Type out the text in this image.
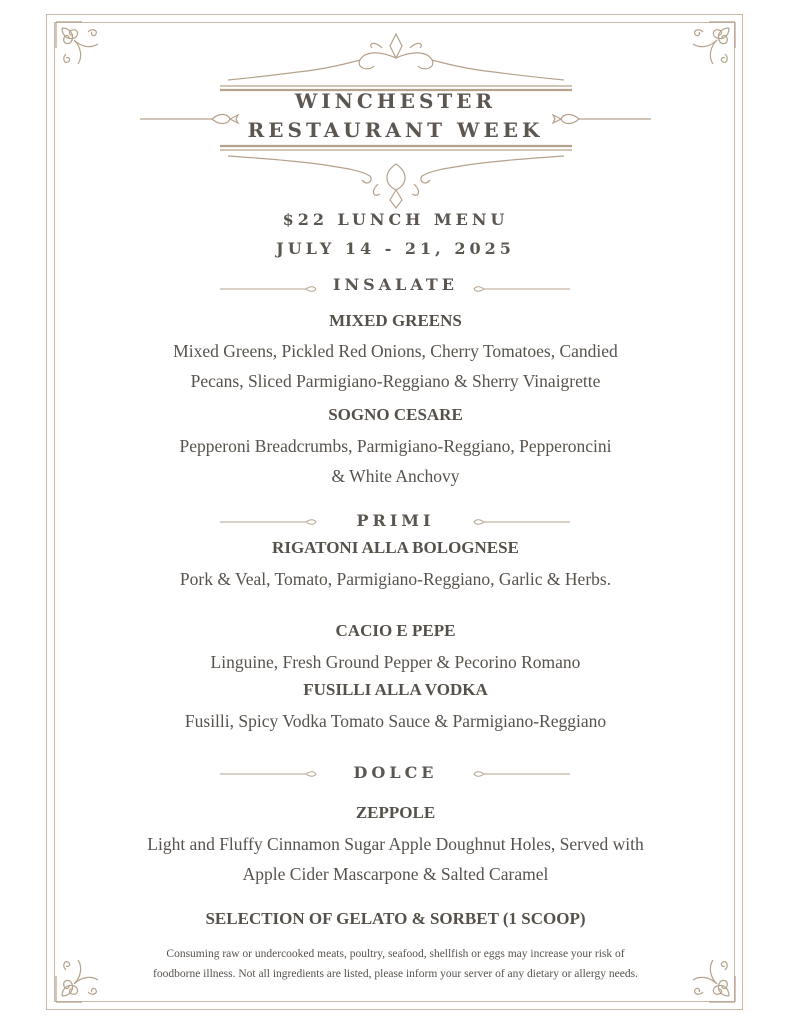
WINCHESTER
RESTAURANT WEEK
$22 LUNCH MENU
JULY 14 - 21, 2025
INSALATE
MIXED GREENS
Mixed Greens, Pickled Red Onions, Cherry Tomatoes, Candied
Pecans, Sliced Parmigiano-Reggiano & Sherry Vinaigrette
SOGNO CESARE
Pepperoni Breadcrumbs, Parmigiano-Reggiano, Pepperoncini
& White Anchovy
PRIMI
RIGATONI ALLA BOLOGNESE
Pork & Veal, Tomato, Parmigiano-Reggiano, Garlic & Herbs.
CACIO E PEPE
Linguine, Fresh Ground Pepper & Pecorino Romano
FUSILLI ALLA VODKA
Fusilli, Spicy Vodka Tomato Sauce & Parmigiano-Reggiano
DOLCE
ZEPPOLE
Light and Fluffy Cinnamon Sugar Apple Doughnut Holes, Served with
Apple Cider Mascarpone & Salted Caramel
SELECTION OF GELATO & SORBET (1 SCOOP)
Consuming raw or undercooked meats, poultry, seafood, shellfish or eggs may increase your risk of
foodborne illness. Not all ingredients are listed, please inform your server of any dietary or allergy needs.
